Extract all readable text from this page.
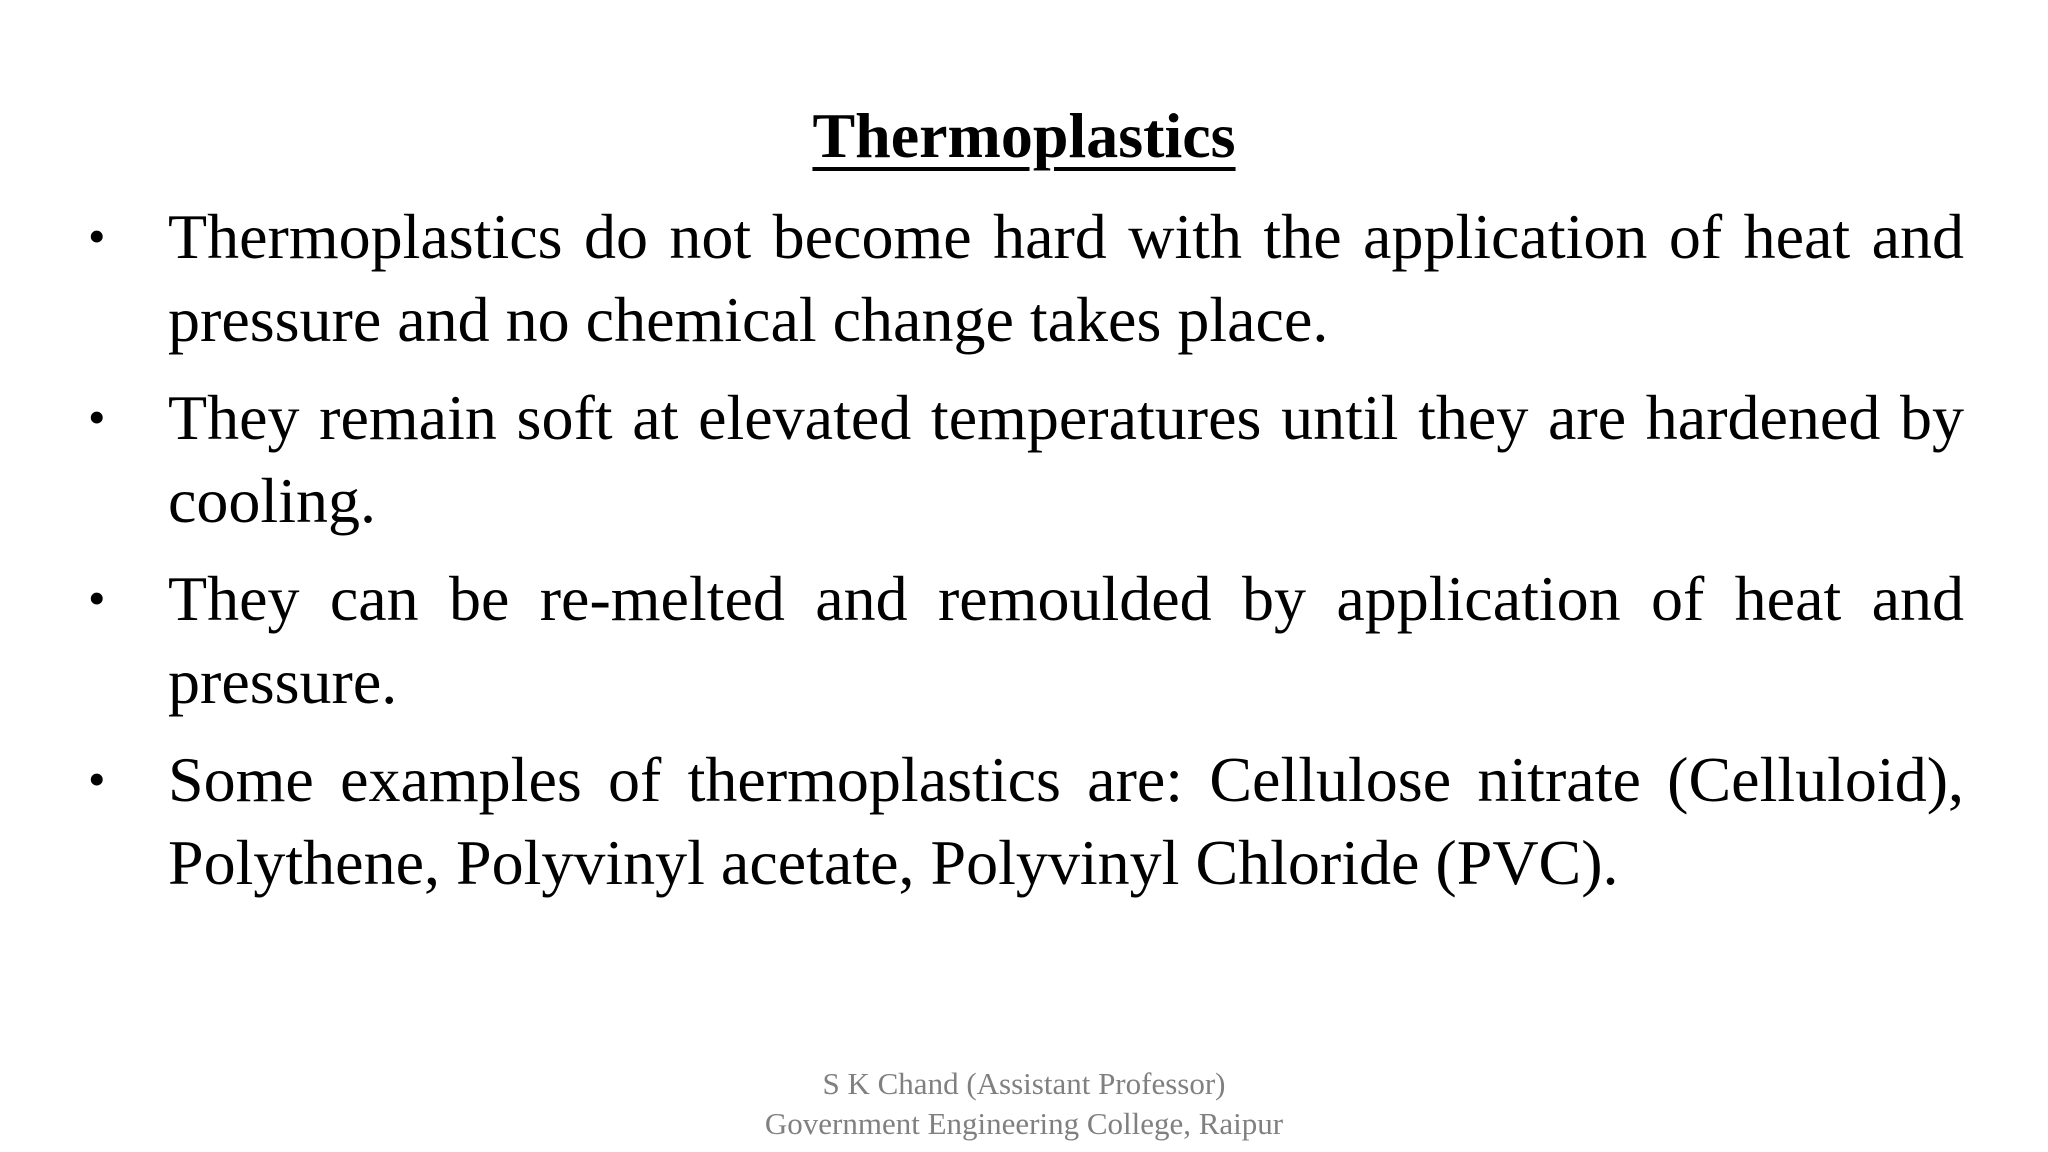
Thermoplastics
• Thermoplastics do not become hard with the application of heat and pressure and no chemical change takes place.
• They remain soft at elevated temperatures until they are hardened by cooling.
• They can be re-melted and remoulded by application of heat and pressure.
• Some examples of thermoplastics are: Cellulose nitrate (Celluloid), Polythene, Polyvinyl acetate, Polyvinyl Chloride (PVC).
S K Chand (Assistant Professor)
Government Engineering College, Raipur
